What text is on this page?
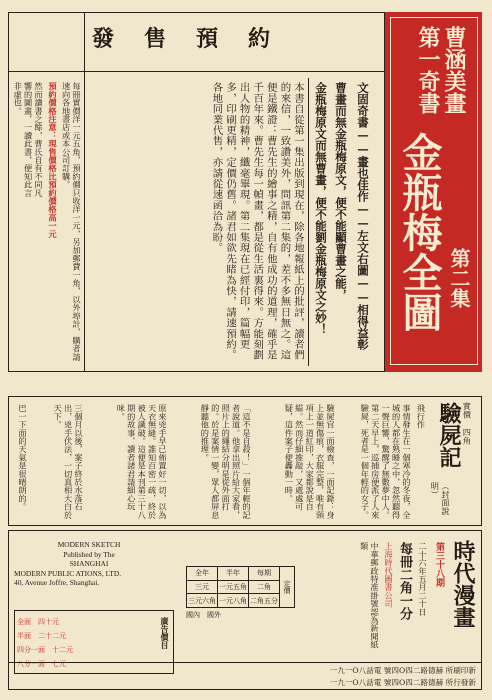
發售預約	曹涵美畫
第一奇書
金瓶梅全圖 第二集
文固奇書——畫也佳作——左文右圖——相得益彰
曹畫而無金瓶梅原文，便不能顯曹畫之能，
金瓶梅原文而無曹畫，便不能劉金瓶梅原文之妙！
本書自從第一集出版到現在，除各地報紙上的批評，讀者們的來信，一致讚美外，問訊第二集的，差不多無日無之。這便是鐵證：曹先生的繪事之精，自有他成功的道理，確乎是千百年來。曹先生每一幀畫，都是從生活裏得來。方能刻劃出人物的精神，纖毫畢現。第二集現在已經付印，篇幅更多，印刷更精，定價仍舊。諸君如欲先睹為快，請速預約。各地同業代售，亦請從速函洽為盼。
每冊實價洋一元五角，預約價只收洋一元，另加郵費一角，以外埠計，購者請速向各地書店或本公司訂購。
預約價格注意：現售價格比預約價格高一元
然而讀書之餘，曹氏自有不同凡響的圖畫，一讀此書，便知此言非虛也。
實價
四角
驗屍記
（封面說明）
飛行作
事情發生在一個寒冷的冬夜，全城的人都在熟睡之中，忽然聽得一聲巨響，驚醒了無數夢中人。第二天早上，巡捕房便派了人來驗屍，死者是一個年輕的女子。
驗屍官一面檢查，一面記錄：身上並無傷痕，衣服完整，唯有頸項上一道紅印，大家都說是自縊。然而仔細推敲，又處處可疑，這件案子便轟動一時。
「這不是自殺！」一個年輕的記者說道。他拿出照片給大家看，照片上的繩結分明是從外面打的。於是案情一變，眾人都屏息靜聽他的推理。
原來兇手早已佈置好一切，以為天衣無縫。誰知百密一疏，終於被人識破。這便是本刊第三十八期的故事，讀者諸君請細心玩味。
三個月以後，案子終於水落石出，兇手伏法，一切真相大白於天下。
巴一下面的天氣是很晴朗的。
MODERN SKETCH
Published by The
SHANGHAI
MODERN PUBLIC ATIONS, LTD.
40, Avenue Joffre, Shanghai.
廣告價目
全面　 四十元
半面　 二十二元
四分一面　 十二元
八分一面　 七元
全年	半年	每期	定價
三元	一元五角	二角	
三元六角	一元八角	二角五分	
國內　 國外	時代漫畫
第三十八期
二十六年五月二十日
每冊二角一分
上海時代圖書公司
中華郵政特准掛號認為新聞紙類
一九一O八話電 號四O四二路德赫 所刷印新
一九一O八話電 號四O四二路德赫 所行發新
